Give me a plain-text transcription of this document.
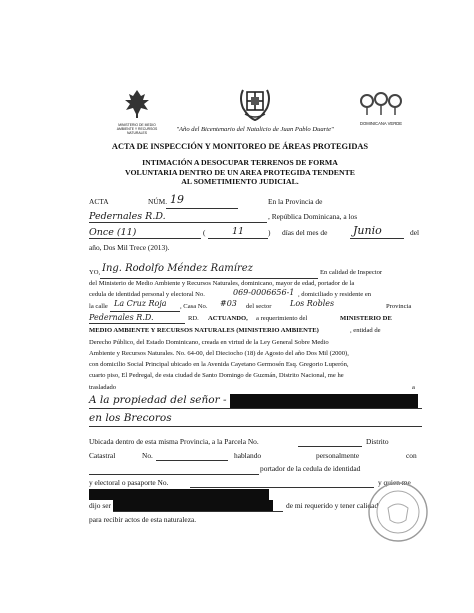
MINISTERIO DE MEDIO AMBIENTE Y RECURSOS NATURALES
DOMINICANA VERDE
"Año del Bicentenario del Natalicio de Juan Pablo Duarte"
ACTA DE INSPECCIÓN Y MONITOREO DE ÁREAS PROTEGIDAS
INTIMACIÓN A DESOCUPAR TERRENOS DE FORMA
VOLUNTARIA DENTRO DE UN AREA PROTEGIDA TENDENTE
AL SOMETIMIENTO JUDICIAL.
ACTA	NÚM. 19	En la Provincia de
Pedernales R.D.	, República Dominicana, a los
Once (11)	(	11	) días del mes de Junio	del
año, Dos Mil Trece (2013).
YO, Ing. Rodolfo Méndez Ramírez	En calidad de Inspector
del Ministerio de Medio Ambiente y Recursos Naturales, dominicano, mayor de edad, portador de la
cedula de identidad personal y electoral No.	069-0006656-1 , domiciliado y residente en
la calle La Cruz Roja , Casa No. #03 del sector Los Robles	Provincia
Pedernales R.D.	RD. ACTUANDO, a requerimiento del	MINISTERIO DE
MEDIO AMBIENTE Y RECURSOS NATURALES (MINISTERIO AMBIENTE)	, entidad de
Derecho Público, del Estado Dominicano, creada en virtud de la Ley General Sobre Medio
Ambiente y Recursos Naturales. No. 64-00, del Dieciocho (18) de Agosto del año Dos Mil (2000),
con domicilio Social Principal ubicado en la Avenida Cayetano Germosén Esq. Gregorio Luperón,
cuarto piso, El Pedregal, de esta ciudad de Santo Domingo de Guzmán, Distrito Nacional, me he
trasladado	a
A la propiedad del señor -
en los Brecoros
Ubicada dentro de esta misma Provincia, a la Parcela No.	Distrito
Catastral	No.	hablando	personalmente	con
portador de la cedula de identidad
y electoral o pasaporte No.	y quien me
dijo ser	de mi requerido y tener calidad
para recibir actos de esta naturaleza.
